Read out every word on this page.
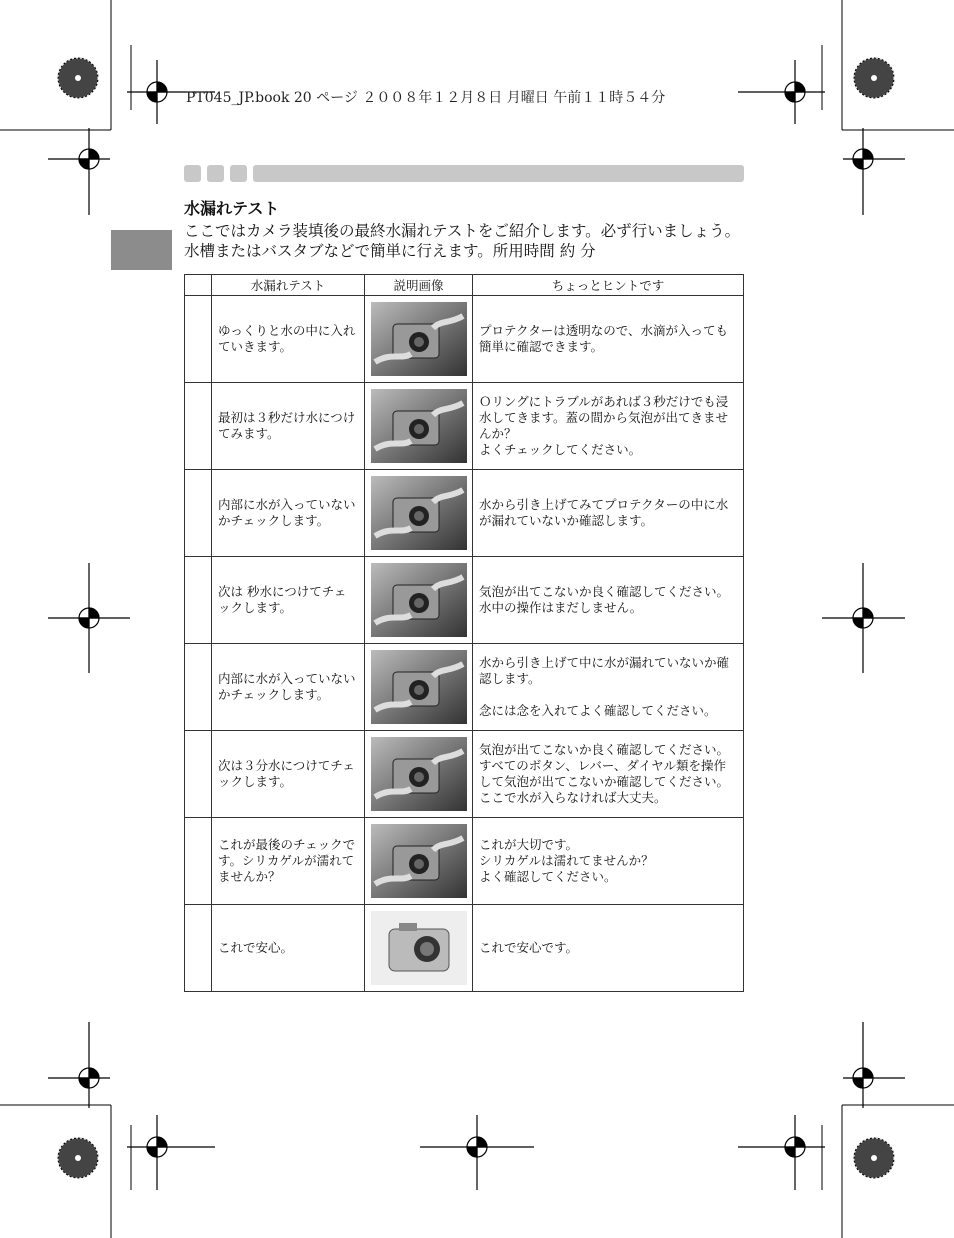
PT045_JP.book 20 ページ ２００８年１２月８日 月曜日 午前１１時５４分
水漏れテスト
ここではカメラ装填後の最終水漏れテストをご紹介します。必ず行いましょう。水槽またはバスタブなどで簡単に行えます。所用時間 約 分
	水漏れテスト	説明画像	ちょっとヒントです
	ゆっくりと水の中に入れていきます。		プロテクターは透明なので、水滴が入っても簡単に確認できます。
	最初は３秒だけ水につけてみます。		Ｏリングにトラブルがあれば３秒だけでも浸水してきます。蓋の間から気泡が出てきませんか？
よくチェックしてください。
	内部に水が入っていないかチェックします。		水から引き上げてみてプロテクターの中に水が漏れていないか確認します。
	次は 秒水につけてチェックします。		気泡が出てこないか良く確認してください。
水中の操作はまだしません。
	内部に水が入っていないかチェックします。		水から引き上げて中に水が漏れていないか確認します。

念には念を入れてよく確認してください。
	次は３分水につけてチェックします。		気泡が出てこないか良く確認してください。
すべてのボタン、レバー、ダイヤル類を操作して気泡が出てこないか確認してください。
ここで水が入らなければ大丈夫。
	これが最後のチェックです。シリカゲルが濡れてませんか？		これが大切です。
シリカゲルは濡れてませんか？
よく確認してください。
	これで安心。		これで安心です。
